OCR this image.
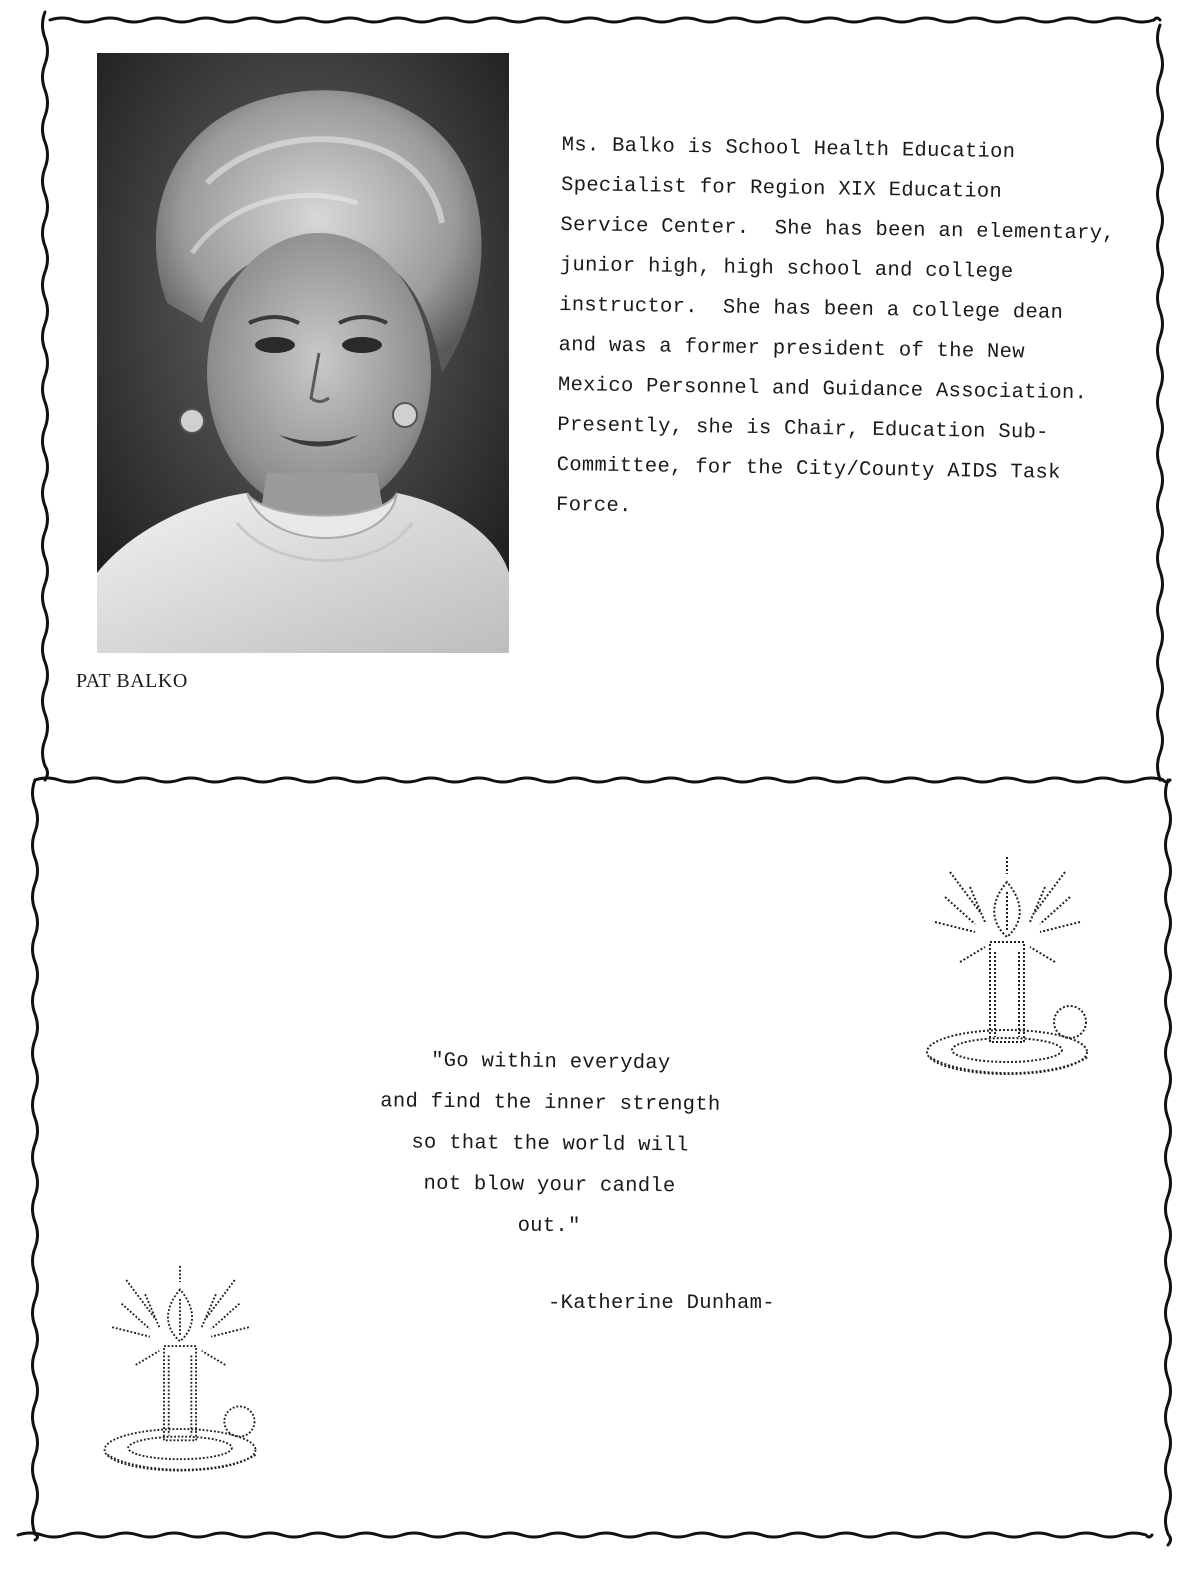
PAT BALKO
Ms. Balko is School Health Education
Specialist for Region XIX Education
Service Center.  She has been an elementary,
junior high, high school and college
instructor.  She has been a college dean
and was a former president of the New
Mexico Personnel and Guidance Association.
Presently, she is Chair, Education Sub-
Committee, for the City/County AIDS Task
Force.
"Go within everyday
and find the inner strength
so that the world will
not blow your candle
out."
-Katherine Dunham-
